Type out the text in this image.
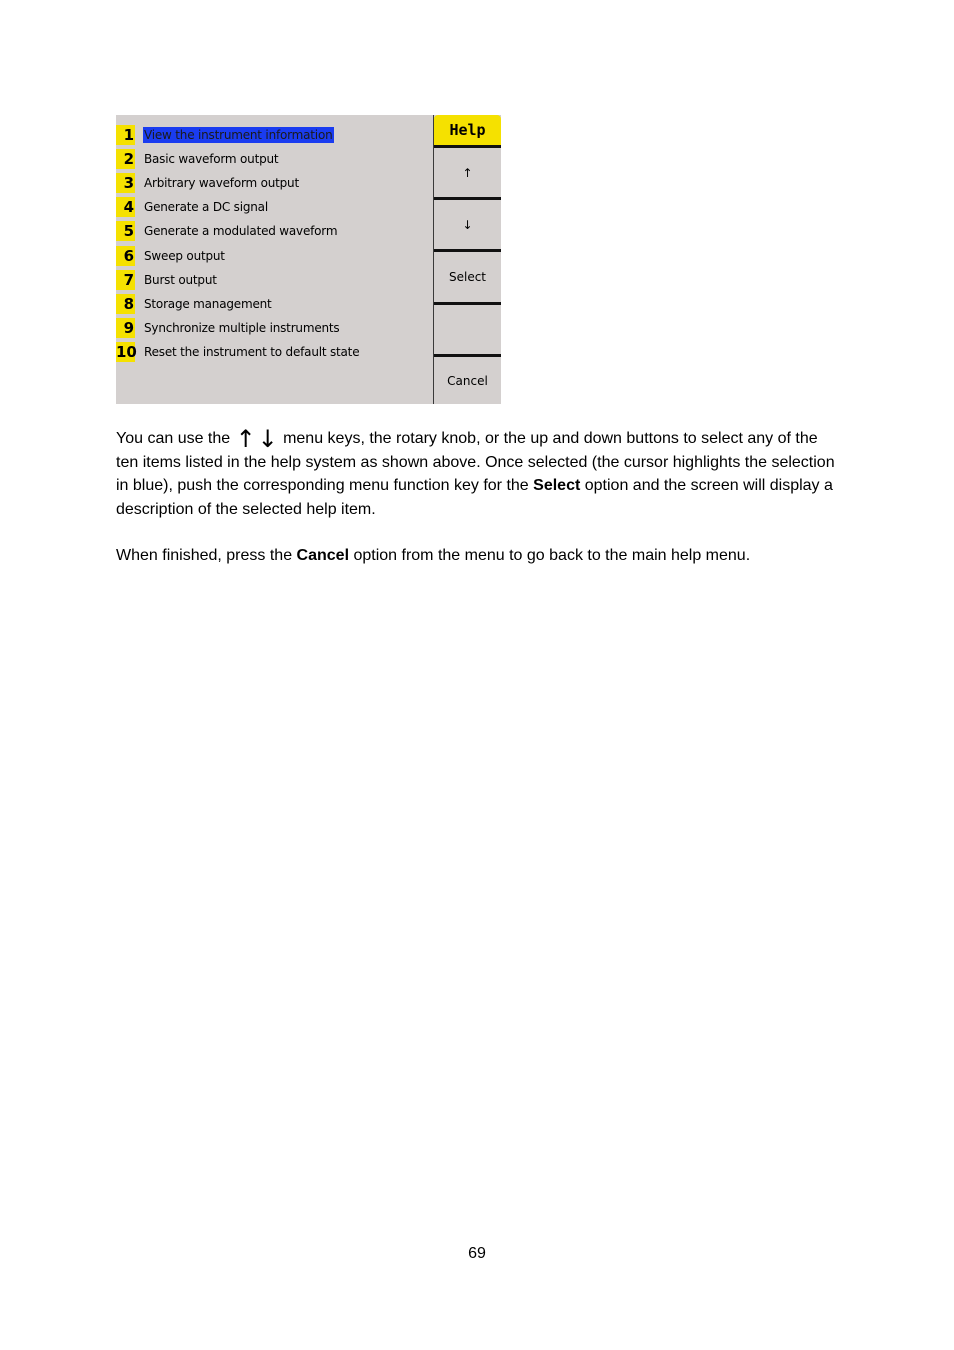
1 View the instrument information
2 Basic waveform output
3 Arbitrary waveform output
4 Generate a DC signal
5 Generate a modulated waveform
6 Sweep output
7 Burst output
8 Storage management
9 Synchronize multiple instruments
10 Reset the instrument to default state
Help
↑
↓
Select
Cancel

You can use the ↑↓ menu keys, the rotary knob, or the up and down buttons to select any of the ten items listed in the help system as shown above. Once selected (the cursor highlights the selection in blue), push the corresponding menu function key for the Select option and the screen will display a description of the selected help item.

When finished, press the Cancel option from the menu to go back to the main help menu.

69
